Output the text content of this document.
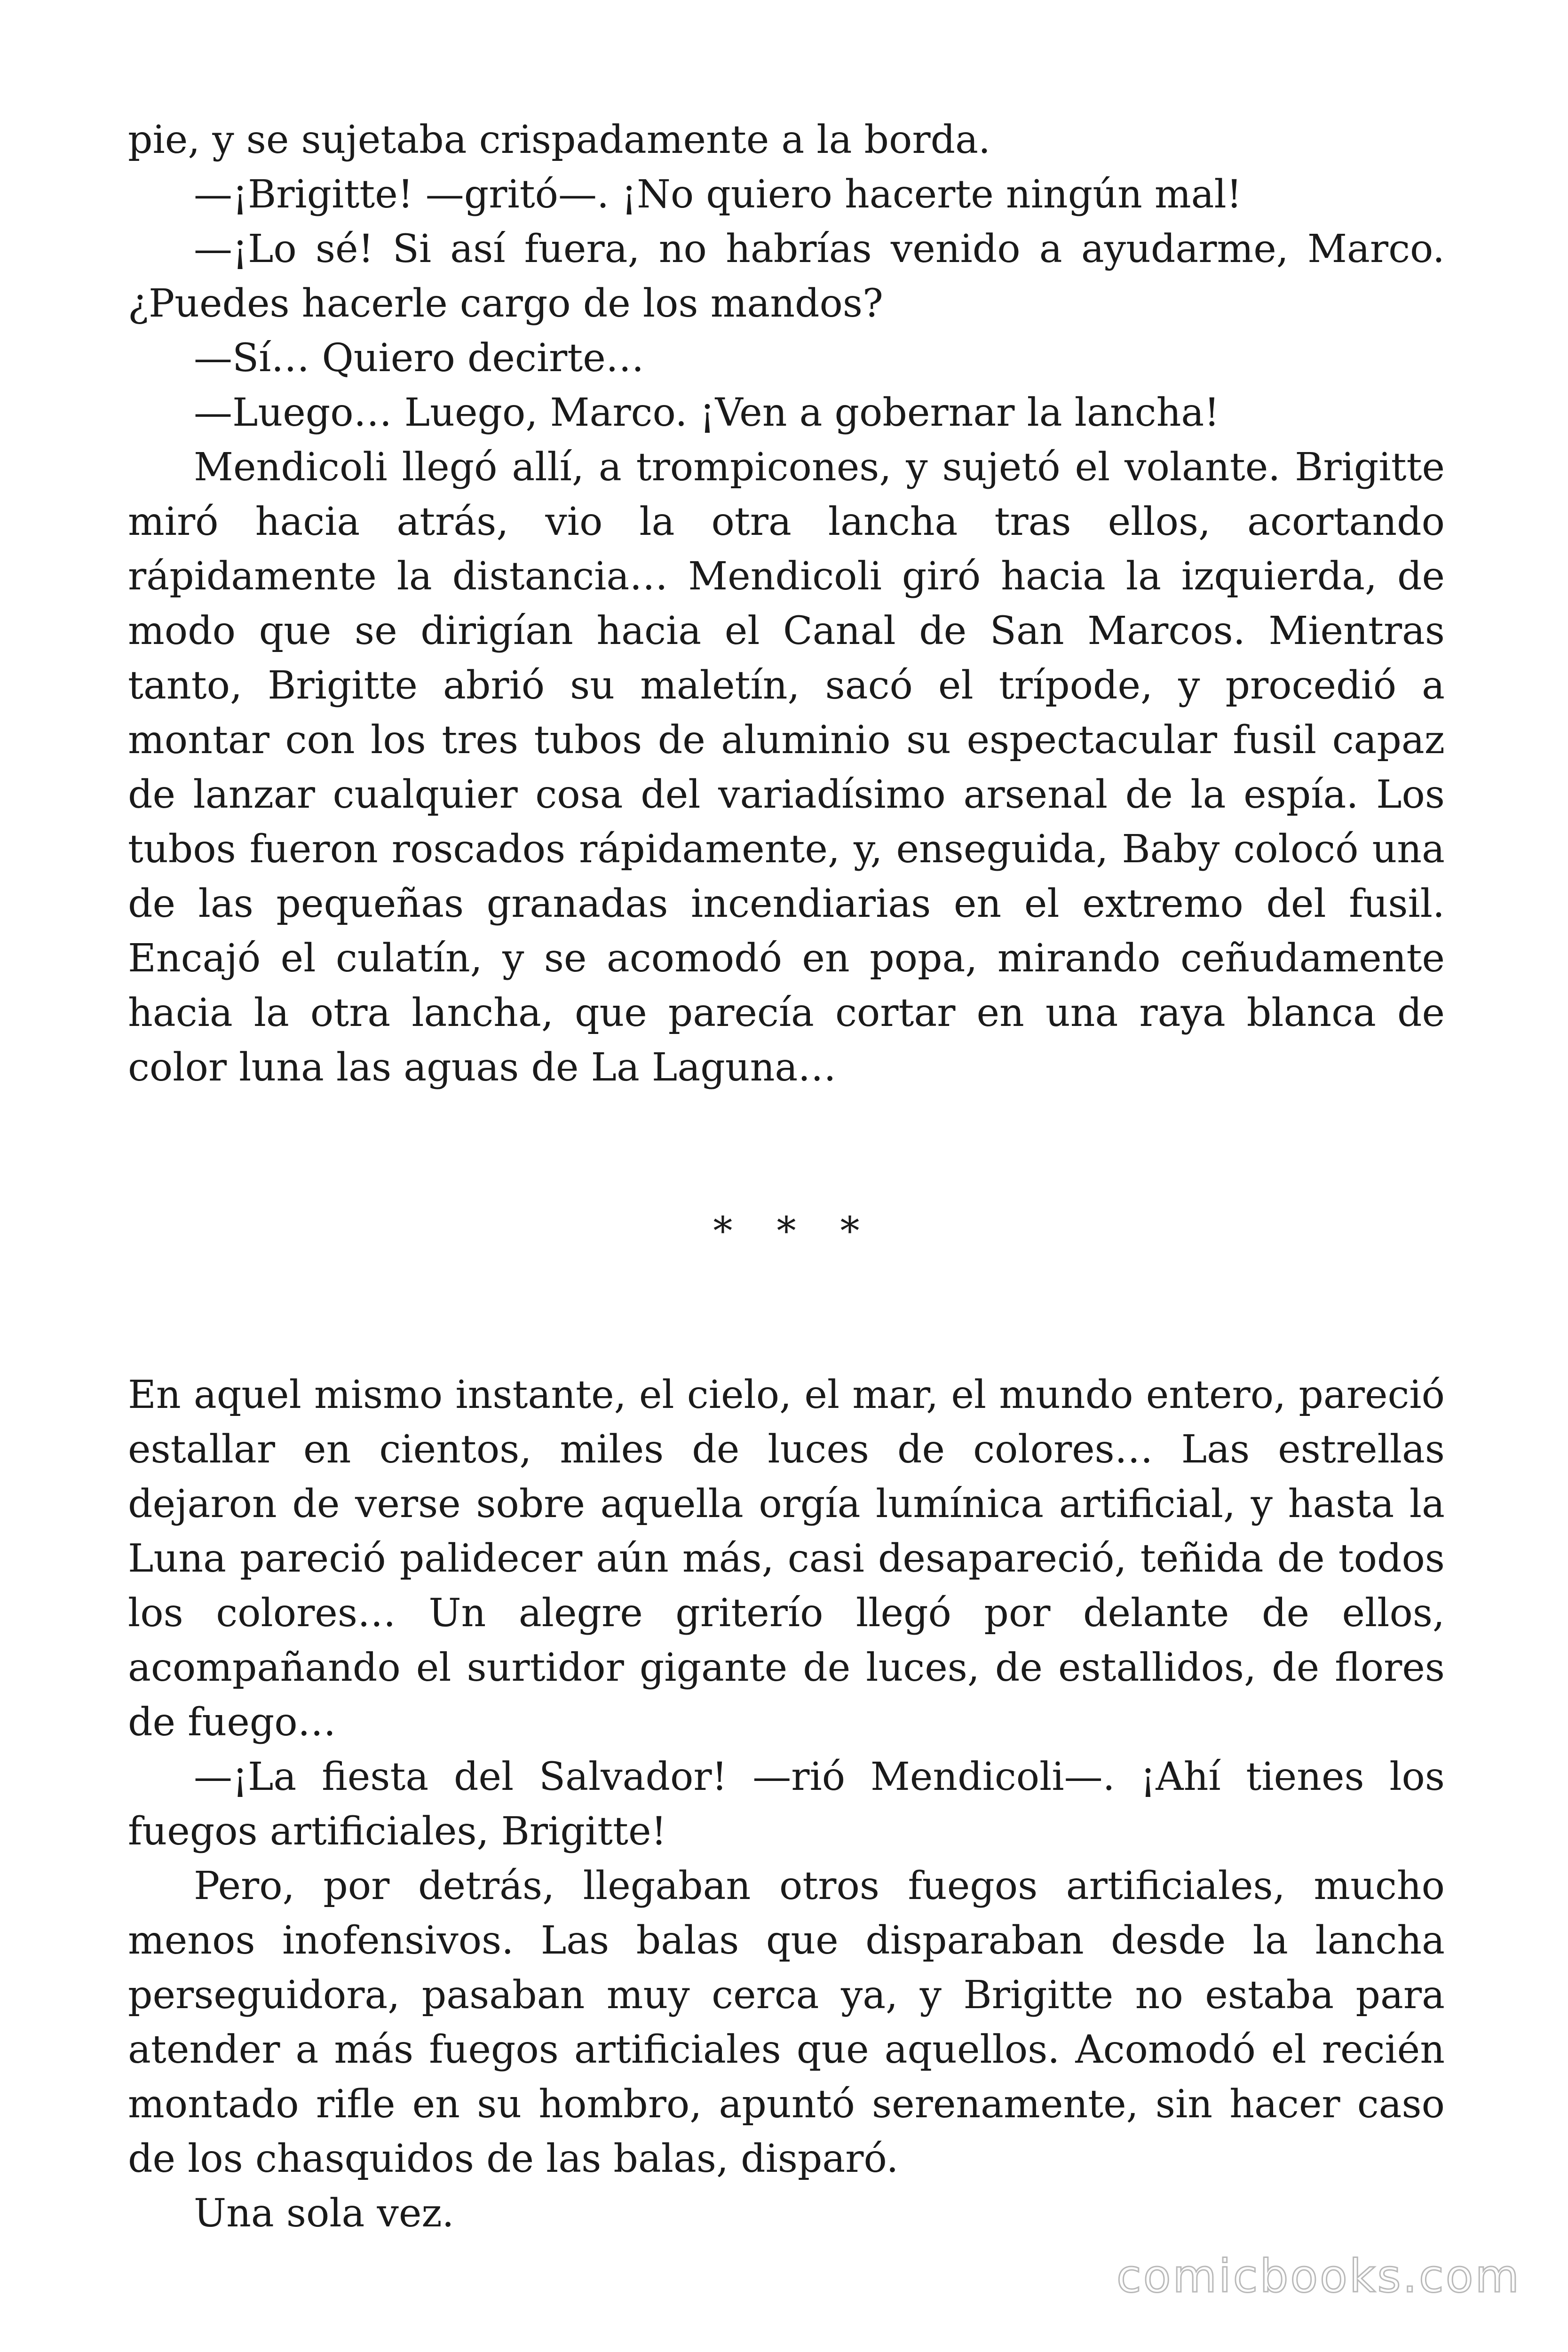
pie, y se sujetaba crispadamente a la borda.

—¡Brigitte! —gritó—. ¡No quiero hacerte ningún mal!

—¡Lo sé! Si así fuera, no habrías venido a ayudarme, Marco. ¿Puedes hacerle cargo de los mandos?

—Sí… Quiero decirte…

—Luego… Luego, Marco. ¡Ven a gobernar la lancha!

Mendicoli llegó allí, a trompicones, y sujetó el volante. Brigitte miró hacia atrás, vio la otra lancha tras ellos, acortando rápidamente la distancia… Mendicoli giró hacia la izquierda, de modo que se dirigían hacia el Canal de San Marcos. Mientras tanto, Brigitte abrió su maletín, sacó el trípode, y procedió a montar con los tres tubos de aluminio su espectacular fusil capaz de lanzar cualquier cosa del variadísimo arsenal de la espía. Los tubos fueron roscados rápidamente, y, enseguida, Baby colocó una de las pequeñas granadas incendiarias en el extremo del fusil. Encajó el culatín, y se acomodó en popa, mirando ceñudamente hacia la otra lancha, que parecía cortar en una raya blanca de color luna las aguas de La Laguna…

* * *

En aquel mismo instante, el cielo, el mar, el mundo entero, pareció estallar en cientos, miles de luces de colores… Las estrellas dejaron de verse sobre aquella orgía lumínica artificial, y hasta la Luna pareció palidecer aún más, casi desapareció, teñida de todos los colores… Un alegre griterío llegó por delante de ellos, acompañando el surtidor gigante de luces, de estallidos, de flores de fuego…

—¡La fiesta del Salvador! —rió Mendicoli—. ¡Ahí tienes los fuegos artificiales, Brigitte!

Pero, por detrás, llegaban otros fuegos artificiales, mucho menos inofensivos. Las balas que disparaban desde la lancha perseguidora, pasaban muy cerca ya, y Brigitte no estaba para atender a más fuegos artificiales que aquellos. Acomodó el recién montado rifle en su hombro, apuntó serenamente, sin hacer caso de los chasquidos de las balas, disparó.

Una sola vez.

comicbooks.com
